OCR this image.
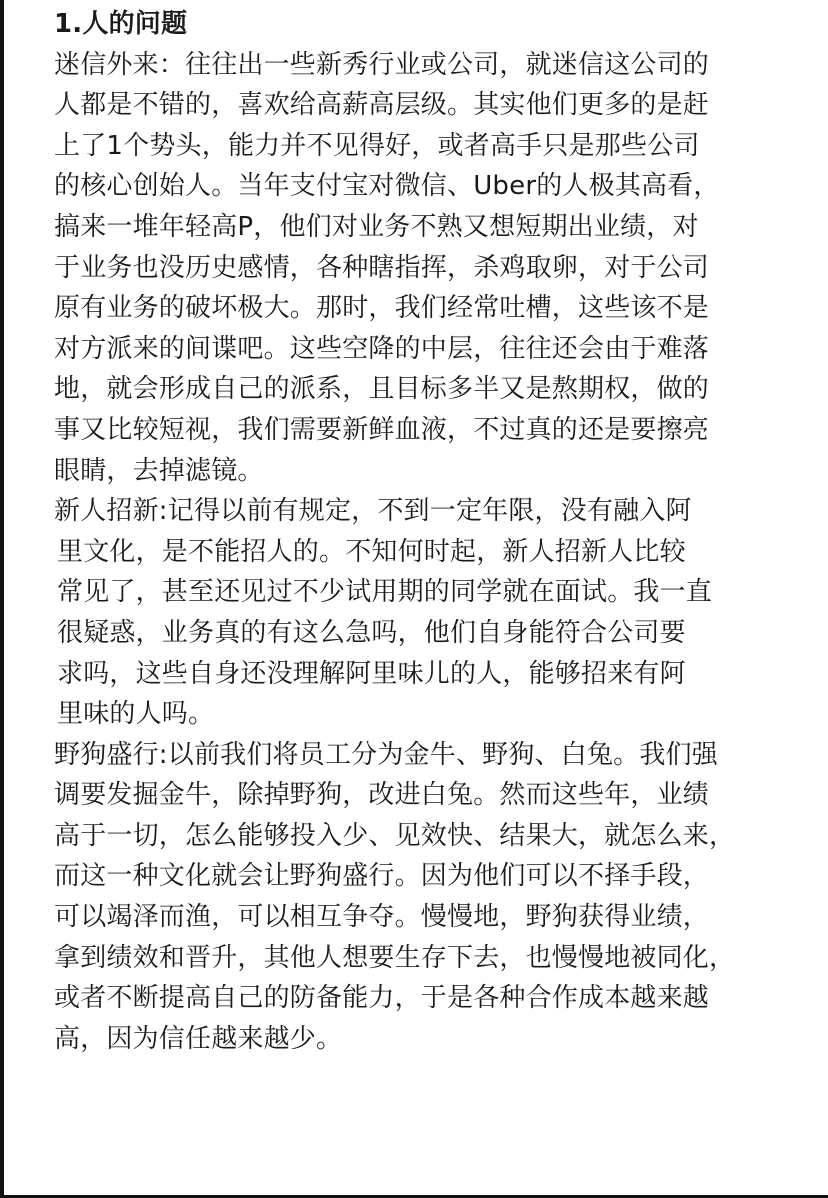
1.人的问题
迷信外来：往往出一些新秀行业或公司，就迷信这公司的
人都是不错的，喜欢给高薪高层级。其实他们更多的是赶
上了1个势头，能力并不见得好，或者高手只是那些公司
的核心创始人。当年支付宝对微信、Uber的人极其高看，
搞来一堆年轻高P，他们对业务不熟又想短期出业绩，对
于业务也没历史感情，各种瞎指挥，杀鸡取卵，对于公司
原有业务的破坏极大。那时，我们经常吐槽，这些该不是
对方派来的间谍吧。这些空降的中层，往往还会由于难落
地，就会形成自己的派系，且目标多半又是熬期权，做的
事又比较短视，我们需要新鲜血液，不过真的还是要擦亮
眼睛，去掉滤镜。
新人招新:记得以前有规定，不到一定年限，没有融入阿
里文化，是不能招人的。不知何时起，新人招新人比较
常见了，甚至还见过不少试用期的同学就在面试。我一直
很疑惑，业务真的有这么急吗，他们自身能符合公司要
求吗，这些自身还没理解阿里味儿的人，能够招来有阿
里味的人吗。
野狗盛行:以前我们将员工分为金牛、野狗、白兔。我们强
调要发掘金牛，除掉野狗，改进白兔。然而这些年，业绩
高于一切，怎么能够投入少、见效快、结果大，就怎么来，
而这一种文化就会让野狗盛行。因为他们可以不择手段，
可以竭泽而渔，可以相互争夺。慢慢地，野狗获得业绩，
拿到绩效和晋升，其他人想要生存下去，也慢慢地被同化，
或者不断提高自己的防备能力，于是各种合作成本越来越
高，因为信任越来越少。
